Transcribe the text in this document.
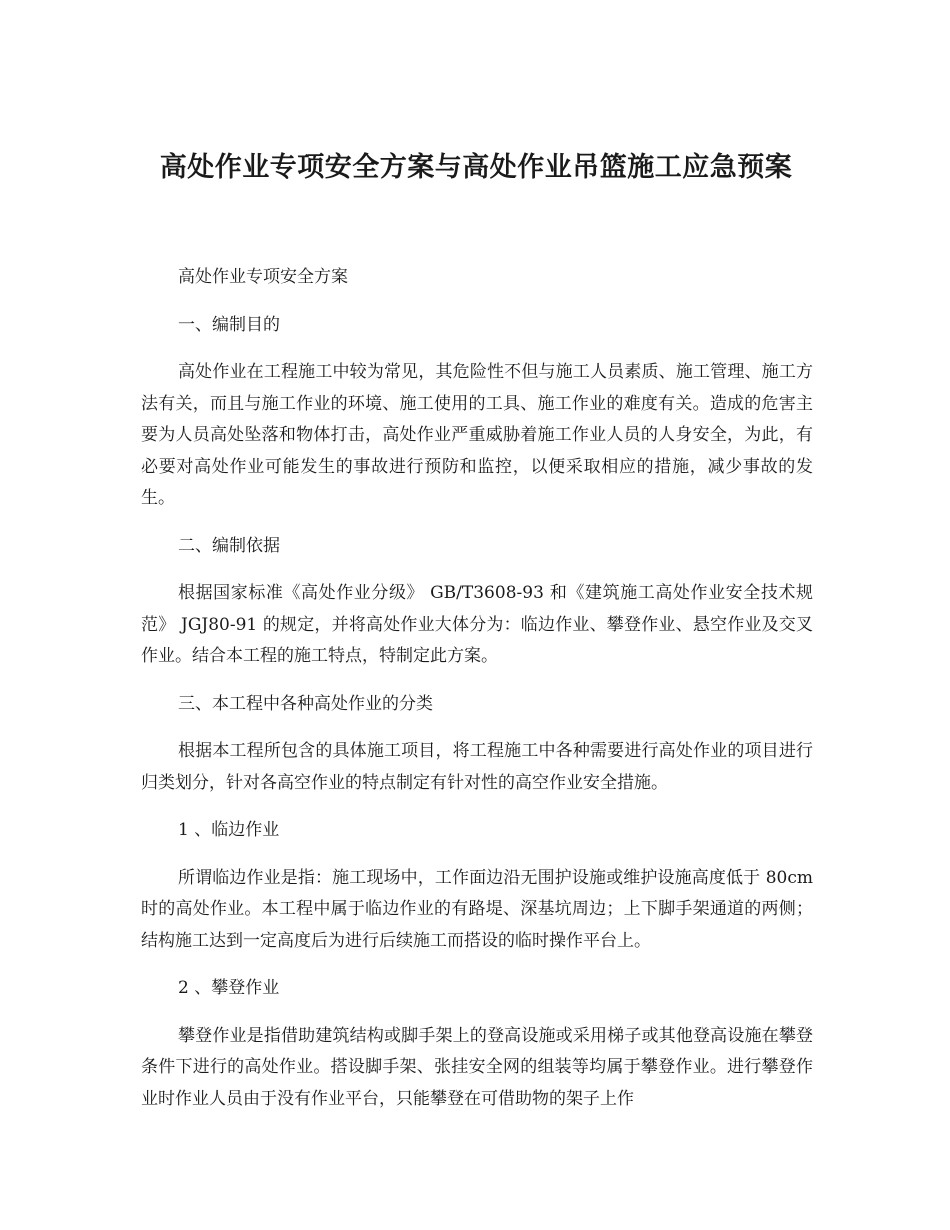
高处作业专项安全方案与高处作业吊篮施工应急预案

高处作业专项安全方案

一、编制目的

高处作业在工程施工中较为常见，其危险性不但与施工人员素质、施工管理、施工方法有关，而且与施工作业的环境、施工使用的工具、施工作业的难度有关。造成的危害主要为人员高处坠落和物体打击，高处作业严重威胁着施工作业人员的人身安全，为此，有必要对高处作业可能发生的事故进行预防和监控，以便采取相应的措施，减少事故的发生。

二、编制依据

根据国家标准《高处作业分级》 GB/T3608-93 和《建筑施工高处作业安全技术规范》 JGJ80-91 的规定，并将高处作业大体分为：临边作业、攀登作业、悬空作业及交叉作业。结合本工程的施工特点，特制定此方案。

三、本工程中各种高处作业的分类

根据本工程所包含的具体施工项目，将工程施工中各种需要进行高处作业的项目进行归类划分，针对各高空作业的特点制定有针对性的高空作业安全措施。

1 、临边作业

所谓临边作业是指：施工现场中，工作面边沿无围护设施或维护设施高度低于 80cm 时的高处作业。本工程中属于临边作业的有路堤、深基坑周边；上下脚手架通道的两侧；结构施工达到一定高度后为进行后续施工而搭设的临时操作平台上。

2 、攀登作业

攀登作业是指借助建筑结构或脚手架上的登高设施或采用梯子或其他登高设施在攀登条件下进行的高处作业。搭设脚手架、张挂安全网的组装等均属于攀登作业。进行攀登作业时作业人员由于没有作业平台，只能攀登在可借助物的架子上作
